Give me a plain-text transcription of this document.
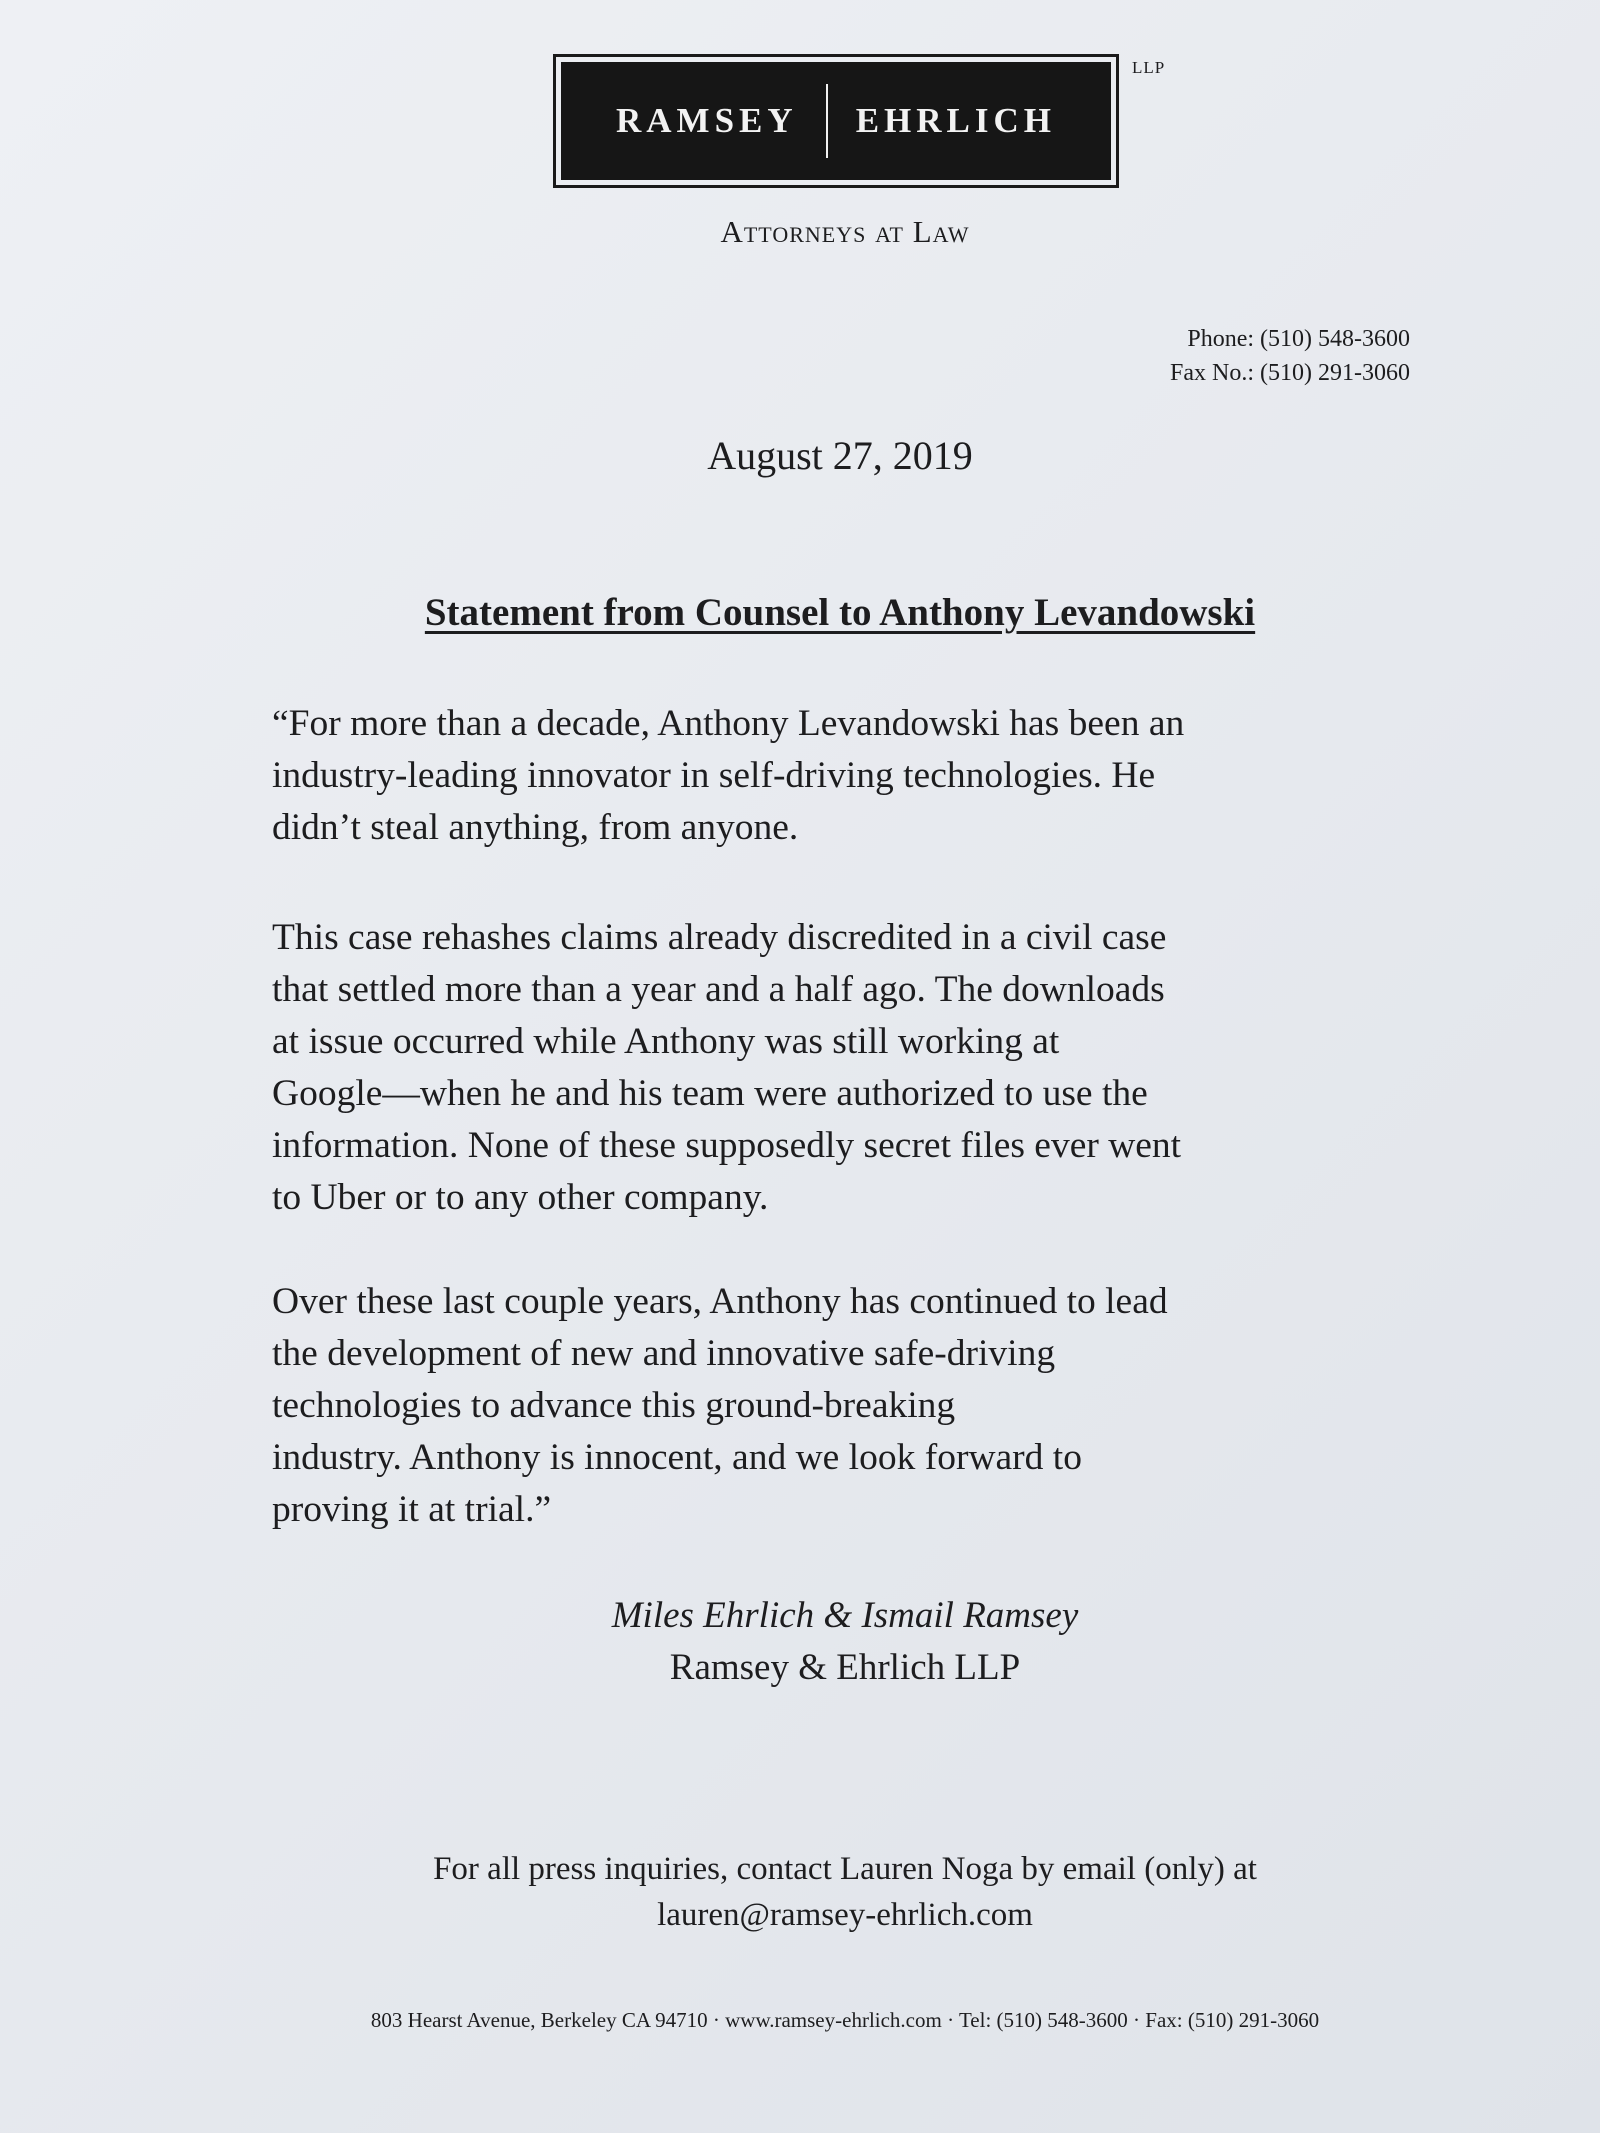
RAMSEY	EHRLICH
LLP
Attorneys at Law
Phone: (510) 548-3600
Fax No.: (510) 291-3060
August 27, 2019
Statement from Counsel to Anthony Levandowski

“For more than a decade, Anthony Levandowski has been an
industry-leading innovator in self-driving technologies. He
didn’t steal anything, from anyone.

This case rehashes claims already discredited in a civil case
that settled more than a year and a half ago. The downloads
at issue occurred while Anthony was still working at
Google—when he and his team were authorized to use the
information. None of these supposedly secret files ever went
to Uber or to any other company.

Over these last couple years, Anthony has continued to lead
the development of new and innovative safe-driving
technologies to advance this ground-breaking
industry. Anthony is innocent, and we look forward to
proving it at trial.”

Miles Ehrlich & Ismail Ramsey
Ramsey & Ehrlich LLP
For all press inquiries, contact Lauren Noga by email (only) at
lauren@ramsey-ehrlich.com
803 Hearst Avenue, Berkeley CA 94710 · www.ramsey-ehrlich.com · Tel: (510) 548-3600 · Fax: (510) 291-3060
